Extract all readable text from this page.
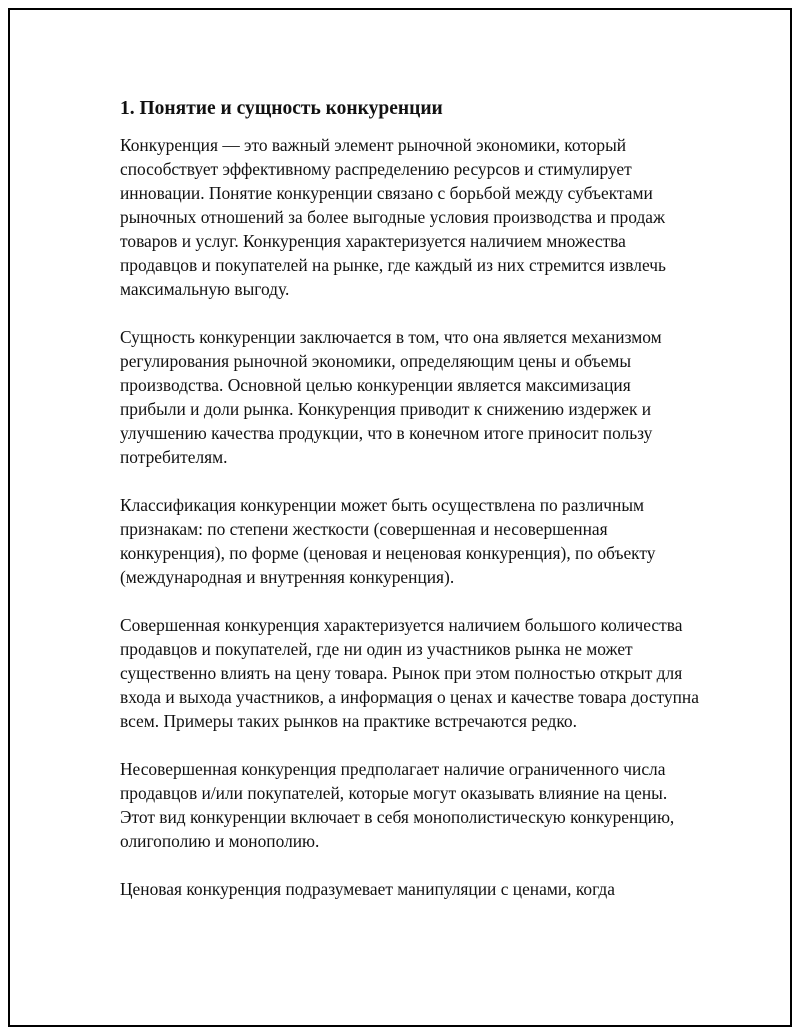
1. Понятие и сущность конкуренции

Конкуренция — это важный элемент рыночной экономики, который способствует эффективному распределению ресурсов и стимулирует инновации. Понятие конкуренции связано с борьбой между субъектами рыночных отношений за более выгодные условия производства и продаж товаров и услуг. Конкуренция характеризуется наличием множества продавцов и покупателей на рынке, где каждый из них стремится извлечь максимальную выгоду.

Сущность конкуренции заключается в том, что она является механизмом регулирования рыночной экономики, определяющим цены и объемы производства. Основной целью конкуренции является максимизация прибыли и доли рынка. Конкуренция приводит к снижению издержек и улучшению качества продукции, что в конечном итоге приносит пользу потребителям.

Классификация конкуренции может быть осуществлена по различным признакам: по степени жесткости (совершенная и несовершенная конкуренция), по форме (ценовая и неценовая конкуренция), по объекту (международная и внутренняя конкуренция).

Совершенная конкуренция характеризуется наличием большого количества продавцов и покупателей, где ни один из участников рынка не может существенно влиять на цену товара. Рынок при этом полностью открыт для входа и выхода участников, а информация о ценах и качестве товара доступна всем. Примеры таких рынков на практике встречаются редко.

Несовершенная конкуренция предполагает наличие ограниченного числа продавцов и/или покупателей, которые могут оказывать влияние на цены. Этот вид конкуренции включает в себя монополистическую конкуренцию, олигополию и монополию.

Ценовая конкуренция подразумевает манипуляции с ценами, когда
